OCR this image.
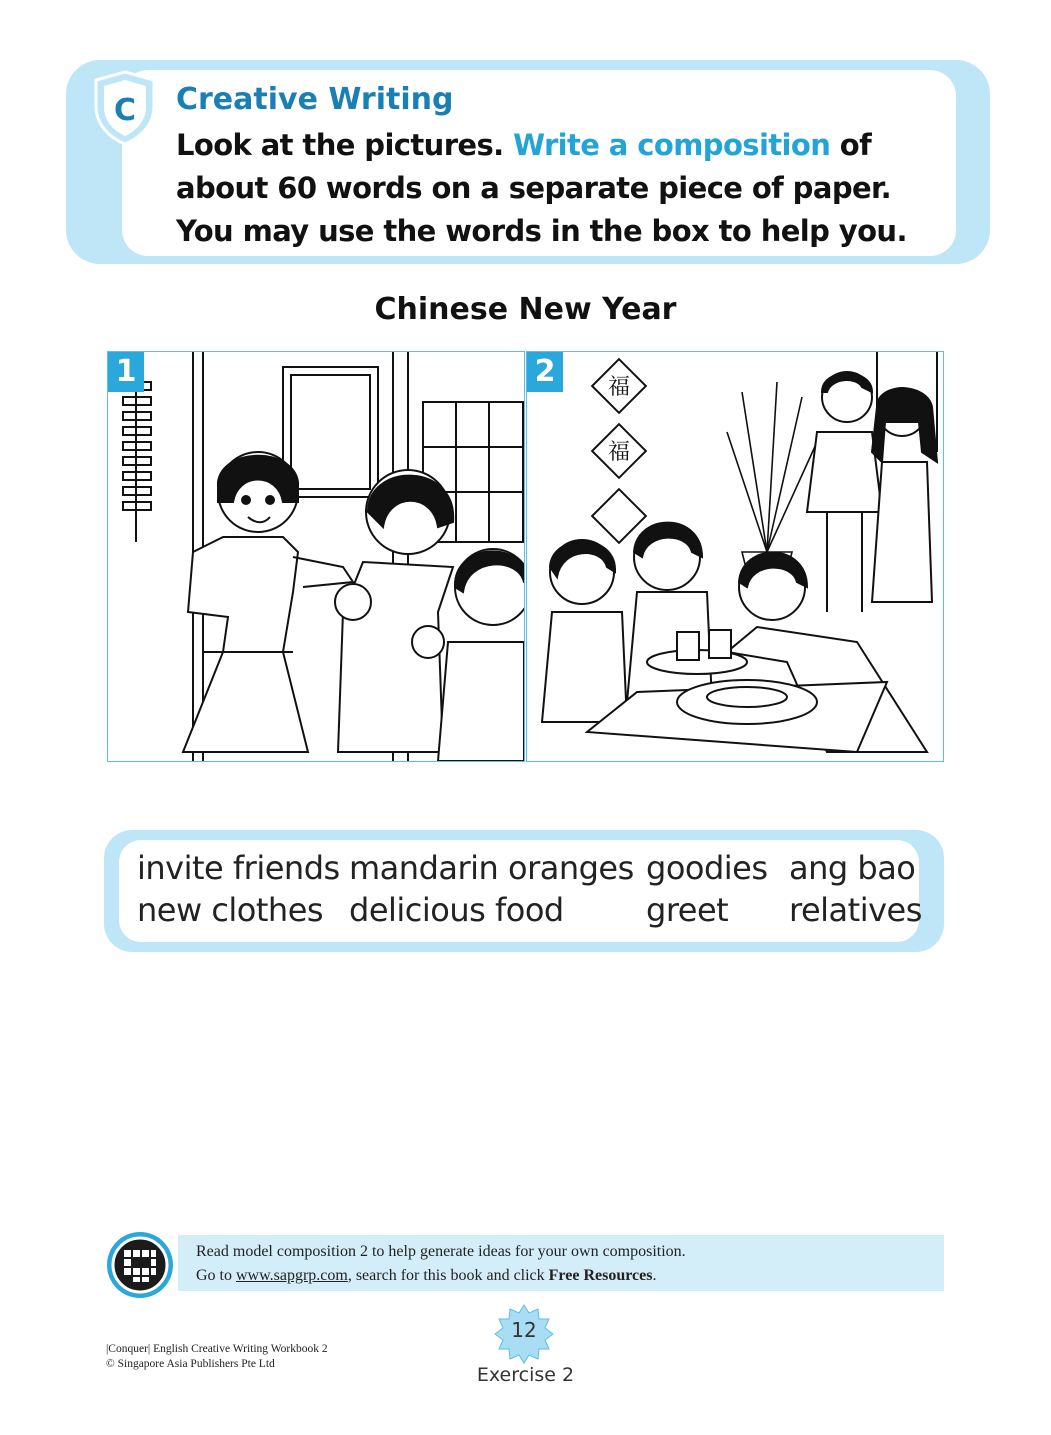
C Creative Writing
Look at the pictures. Write a composition of about 60 words on a separate piece of paper. You may use the words in the box to help you.
Chinese New Year
1	福
福
2
invite friends mandarin oranges goodies ang bao
new clothes delicious food	greet relatives
Read model composition 2 to help generate ideas for your own composition.
Go to www.sapgrp.com, search for this book and click Free Resources.
12
Exercise 2
|Conquer| English Creative Writing Workbook 2
© Singapore Asia Publishers Pte Ltd
